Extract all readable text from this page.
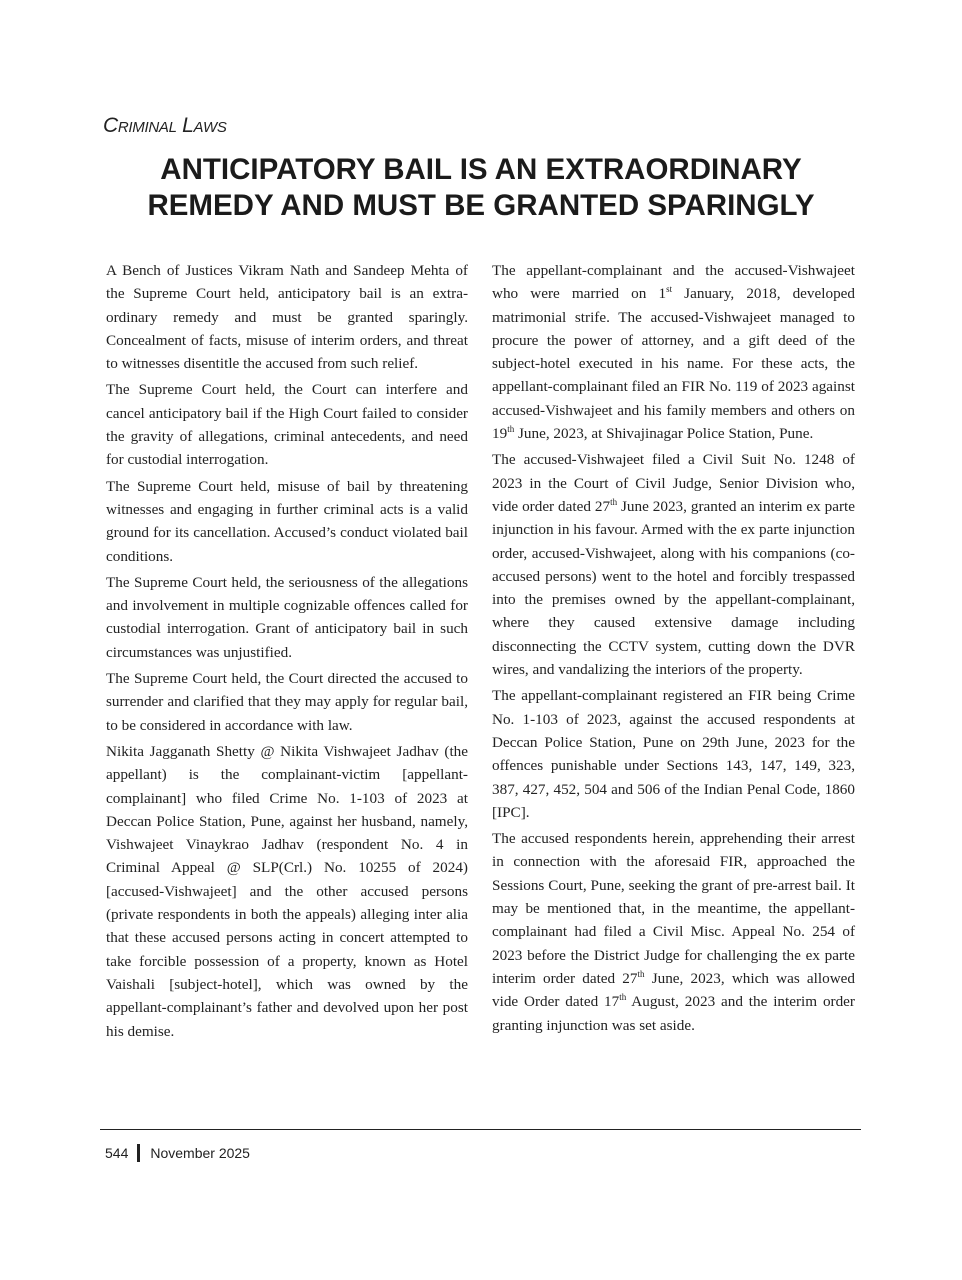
Criminal Laws
ANTICIPATORY BAIL IS AN EXTRAORDINARY
REMEDY AND MUST BE GRANTED SPARINGLY

A Bench of Justices Vikram Nath and Sandeep Mehta of the Supreme Court held, anticipatory bail is an extra-ordinary remedy and must be granted sparingly. Concealment of facts, misuse of interim orders, and threat to witnesses disentitle the accused from such relief.

The Supreme Court held, the Court can interfere and cancel anticipatory bail if the High Court failed to consider the gravity of allegations, criminal antecedents, and need for custodial interrogation.

The Supreme Court held, misuse of bail by threatening witnesses and engaging in further criminal acts is a valid ground for its cancellation. Accused’s conduct violated bail conditions.

The Supreme Court held, the seriousness of the allegations and involvement in multiple cognizable offences called for custodial interrogation. Grant of anticipatory bail in such circumstances was unjustified.

The Supreme Court held, the Court directed the accused to surrender and clarified that they may apply for regular bail, to be considered in accordance with law.

Nikita Jagganath Shetty @ Nikita Vishwajeet Jadhav (the appellant) is the complainant-victim [appellant-complainant] who filed Crime No. 1-103 of 2023 at Deccan Police Station, Pune, against her husband, namely, Vishwajeet Vinaykrao Jadhav (respondent No. 4 in Criminal Appeal @ SLP(Crl.) No. 10255 of 2024) [accused-Vishwajeet] and the other accused persons (private respondents in both the appeals) alleging inter alia that these accused persons acting in concert attempted to take forcible possession of a property, known as Hotel Vaishali [subject-hotel], which was owned by the appellant-complainant’s father and devolved upon her post his demise.

The appellant-complainant and the accused-Vishwajeet who were married on 1st January, 2018, developed matrimonial strife. The accused-Vishwajeet managed to procure the power of attorney, and a gift deed of the subject-hotel executed in his name. For these acts, the appellant-complainant filed an FIR No. 119 of 2023 against accused-Vishwajeet and his family members and others on 19th June, 2023, at Shivajinagar Police Station, Pune.

The accused-Vishwajeet filed a Civil Suit No. 1248 of 2023 in the Court of Civil Judge, Senior Division who, vide order dated 27th June 2023, granted an interim ex parte injunction in his favour. Armed with the ex parte injunction order, accused-Vishwajeet, along with his companions (co-accused persons) went to the hotel and forcibly trespassed into the premises owned by the appellant-complainant, where they caused extensive damage including disconnecting the CCTV system, cutting down the DVR wires, and vandalizing the interiors of the property.

The appellant-complainant registered an FIR being Crime No. 1-103 of 2023, against the accused respondents at Deccan Police Station, Pune on 29th June, 2023 for the offences punishable under Sections 143, 147, 149, 323, 387, 427, 452, 504 and 506 of the Indian Penal Code, 1860 [IPC].

The accused respondents herein, apprehending their arrest in connection with the aforesaid FIR, approached the Sessions Court, Pune, seeking the grant of pre-arrest bail. It may be mentioned that, in the meantime, the appellant-complainant had filed a Civil Misc. Appeal No. 254 of 2023 before the District Judge for challenging the ex parte interim order dated 27th June, 2023, which was allowed vide Order dated 17th August, 2023 and the interim order granting injunction was set aside.

544 November 2025
